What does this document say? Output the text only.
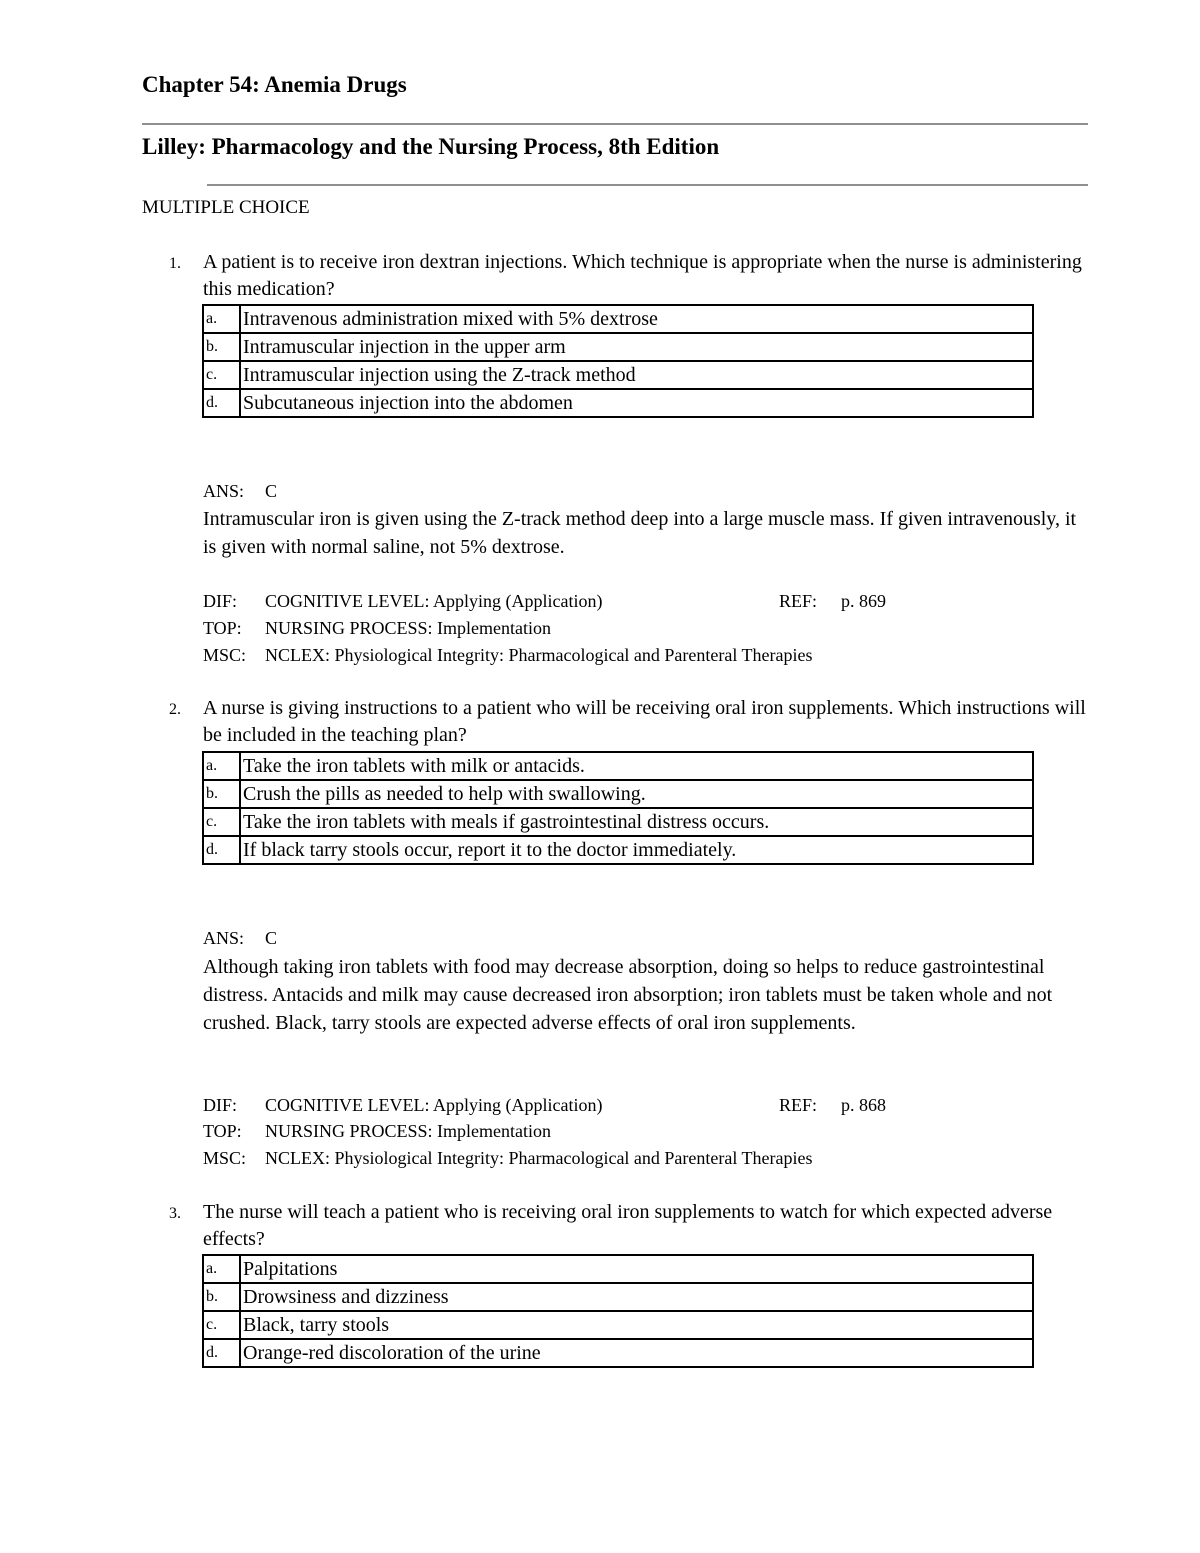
Chapter 54: Anemia Drugs
Lilley: Pharmacology and the Nursing Process, 8th Edition
MULTIPLE CHOICE
1. A patient is to receive iron dextran injections. Which technique is appropriate when the nurse is administering this medication?
a.	Intravenous administration mixed with 5% dextrose
b.	Intramuscular injection in the upper arm
c.	Intramuscular injection using the Z-track method
d.	Subcutaneous injection into the abdomen
ANS: C
Intramuscular iron is given using the Z-track method deep into a large muscle mass. If given intravenously, it is given with normal saline, not 5% dextrose.
DIF: COGNITIVE LEVEL: Applying (Application)	REF: p. 869
TOP: NURSING PROCESS: Implementation
MSC: NCLEX: Physiological Integrity: Pharmacological and Parenteral Therapies
2. A nurse is giving instructions to a patient who will be receiving oral iron supplements. Which instructions will be included in the teaching plan?
a.	Take the iron tablets with milk or antacids.
b.	Crush the pills as needed to help with swallowing.
c.	Take the iron tablets with meals if gastrointestinal distress occurs.
d.	If black tarry stools occur, report it to the doctor immediately.
ANS: C
Although taking iron tablets with food may decrease absorption, doing so helps to reduce gastrointestinal distress. Antacids and milk may cause decreased iron absorption; iron tablets must be taken whole and not crushed. Black, tarry stools are expected adverse effects of oral iron supplements.
DIF: COGNITIVE LEVEL: Applying (Application)	REF: p. 868
TOP: NURSING PROCESS: Implementation
MSC: NCLEX: Physiological Integrity: Pharmacological and Parenteral Therapies
3. The nurse will teach a patient who is receiving oral iron supplements to watch for which expected adverse effects?
a.	Palpitations
b.	Drowsiness and dizziness
c.	Black, tarry stools
d.	Orange-red discoloration of the urine
